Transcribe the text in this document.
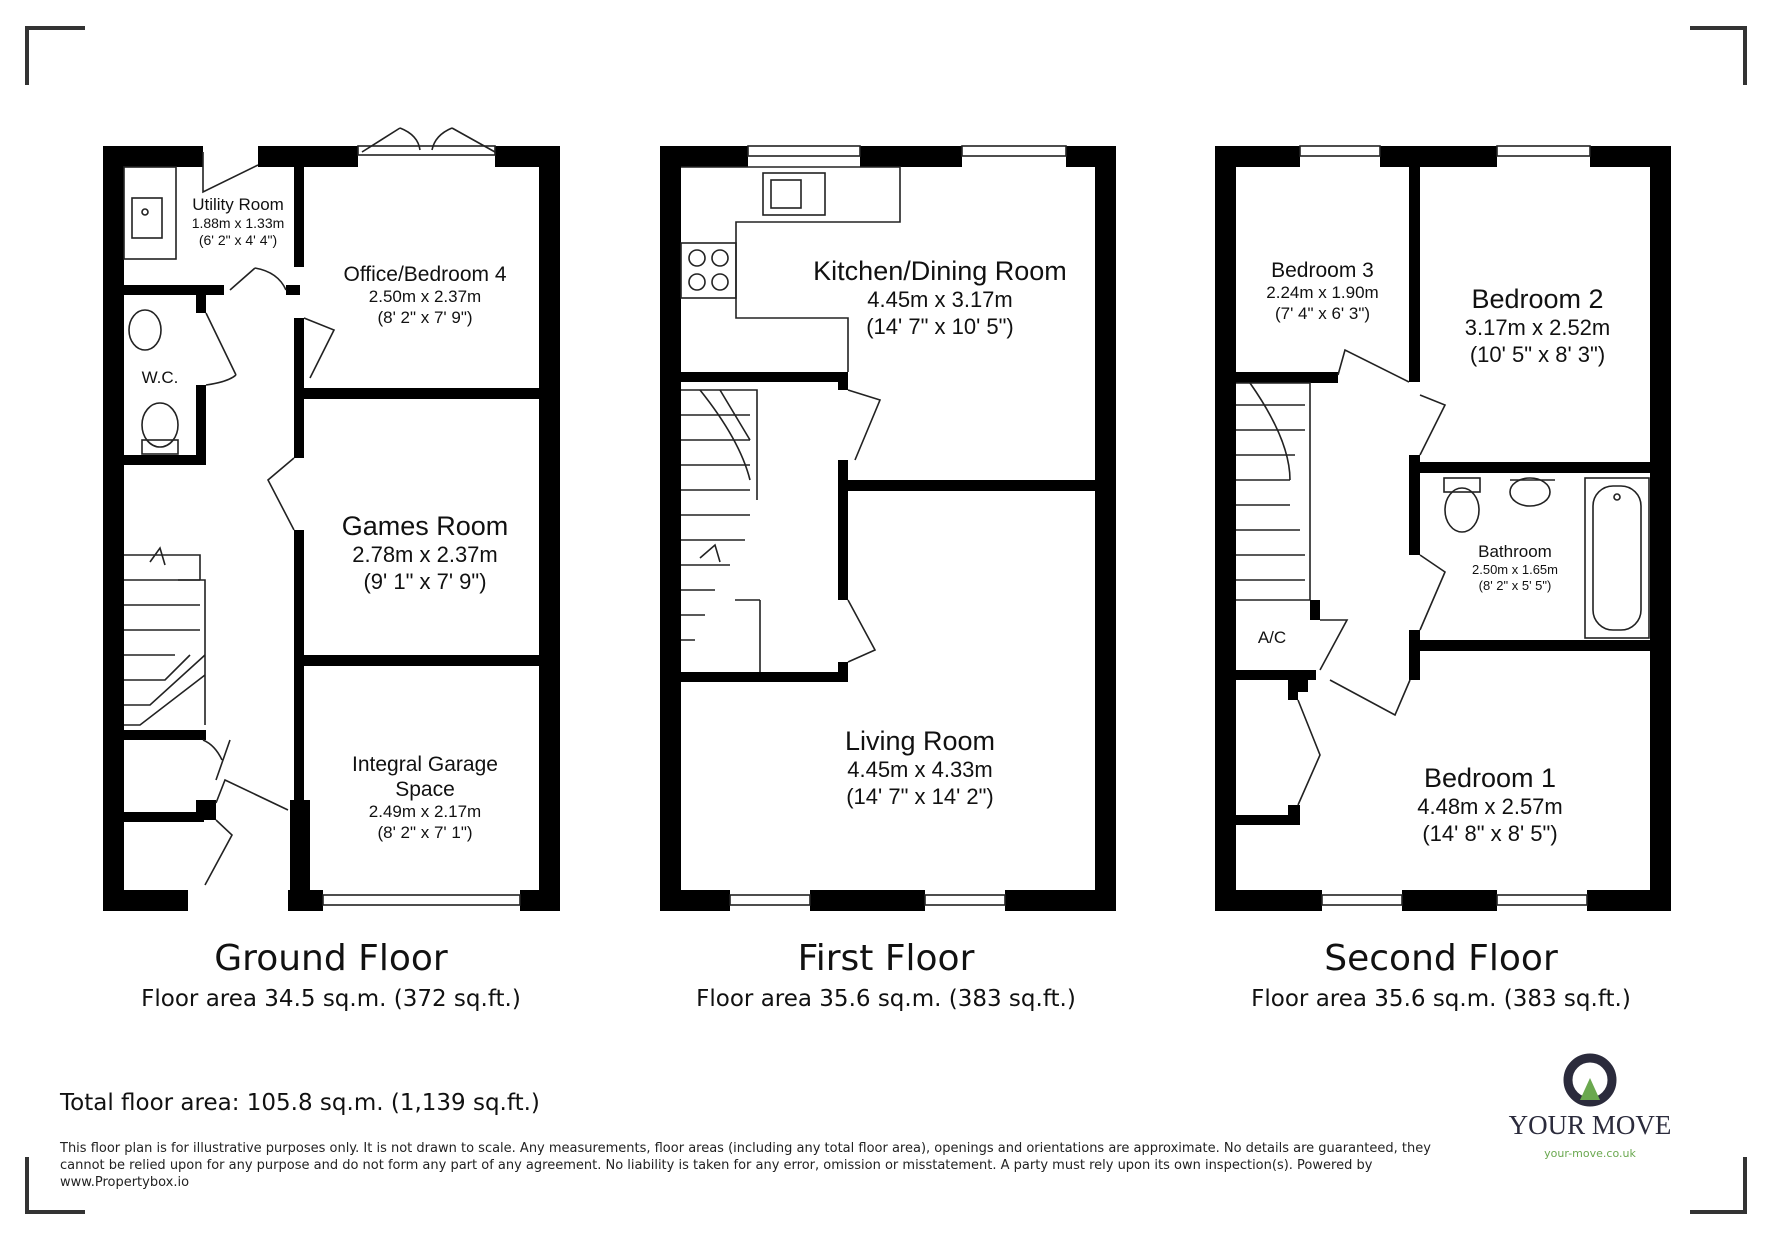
Utility Room
1.88m x 1.33m
(6' 2" x 4' 4")
Office/Bedroom 4
2.50m x 2.37m
(8' 2" x 7' 9")
W.C.
Games Room
2.78m x 2.37m
(9' 1" x 7' 9")
Integral Garage
Space
2.49m x 2.17m
(8' 2" x 7' 1")
Kitchen/Dining Room
4.45m x 3.17m
(14' 7" x 10' 5")
Living Room
4.45m x 4.33m
(14' 7" x 14' 2")
Bedroom 3
2.24m x 1.90m
(7' 4" x 6' 3")	Bedroom 2
3.17m x 2.52m
(10' 5" x 8' 3")
Bathroom
2.50m x 1.65m
(8' 2" x 5' 5")
A/C
Bedroom 1
4.48m x 2.57m
(14' 8" x 8' 5")
Ground Floor
Floor area 34.5 sq.m. (372 sq.ft.)
First Floor
Floor area 35.6 sq.m. (383 sq.ft.)
Second Floor
Floor area 35.6 sq.m. (383 sq.ft.)
Total floor area: 105.8 sq.m. (1,139 sq.ft.)
This floor plan is for illustrative purposes only. It is not drawn to scale. Any measurements, floor areas (including any total floor area), openings and orientations are approximate. No details are guaranteed, they cannot be relied upon for any purpose and do not form any part of any agreement. No liability is taken for any error, omission or misstatement. A party must rely upon its own inspection(s). Powered by www.Propertybox.io
YOUR MOVE
your-move.co.uk
